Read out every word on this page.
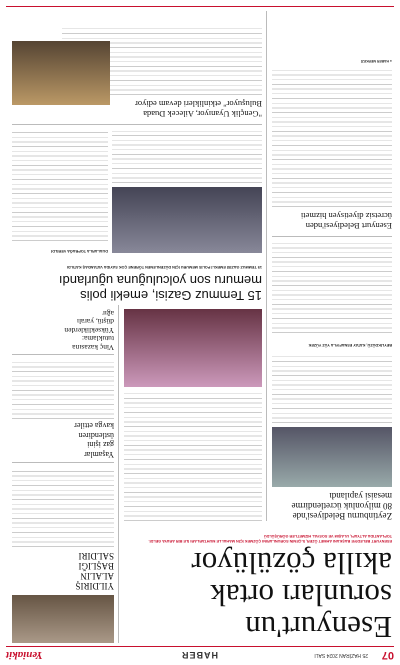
07
25 HAZİRAN 2024 SALI
HABER
Yeniakit
Esenyurt'un
sorunları ortak
akılla çözülüyor
ESENYURT BELEDİYE BAŞKANI AHMET ÖZER, İLÇENİN SORUNLARINI ÇÖZMEK İÇİN MAHALLE MUHTARLARI İLE BİR ARAYA GELDİ. TOPLANTIDA ALTYAPI, ULAŞIM VE SOSYAL HİZMETLER GÖRÜŞÜLDÜ
Zeytinburnu Belediyesi'nde
80 milyonluk ücretlendirme
mesaisi yapılandı
BEYLİKDÜZÜ, KATAY ESNAFIYLA YÜZ YÜZEK
Esenyurt Belediyesi'nden
ücretsiz diyetisyen hizmeti
● HABER MERKEZİ
15 Temmuz Gazisi, emekli polis
memuru son yolculuğuna uğurlandı
15 TEMMUZ GAZİSİ EMEKLİ POLİS MEMURU İÇİN DÜZENLENEN TÖRENE ÇOK SAYIDA VATANDAŞ KATILDI
DUALARLA TOPRAĞA VERİLDİ
"Gençlik Uyanıyor, Ailecek Duada
Buluşuyor" etkinlikleri devam ediyor
YILDIRIŞ
ALALIN
BAŞLIĞI
SALDIRI
Yaşamlar
gaz işini
üstlendiren
kavga ettiler
Vinç kazasına
tutuklama:
Yüksekliklerden
düştü, yaralı
ağır
